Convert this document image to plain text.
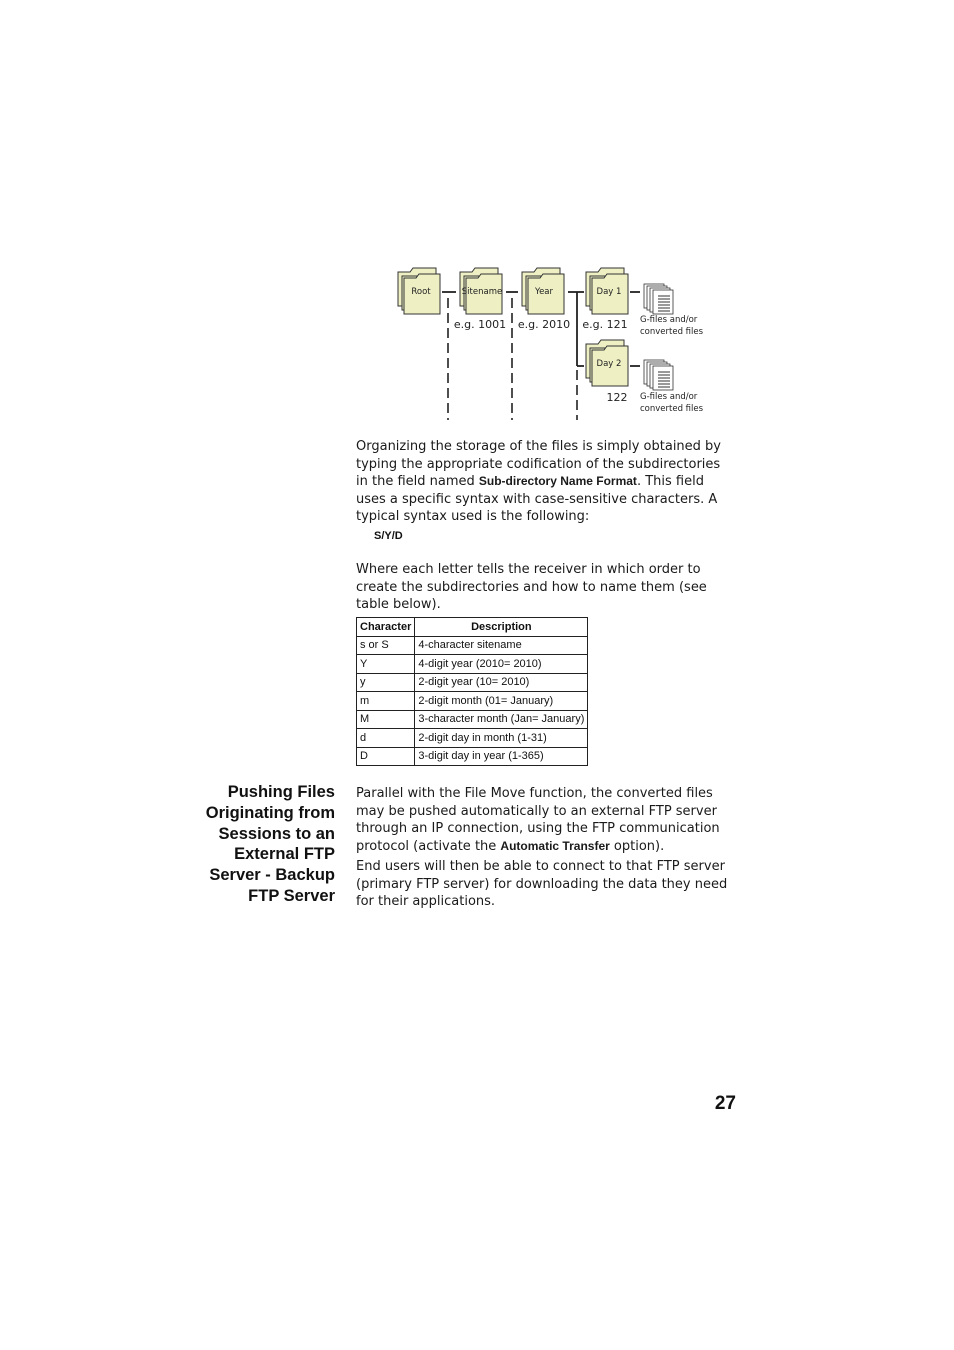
Root	Sitename	Year	Day 1
Day 2
e.g. 1001 e.g. 2010 e.g. 121
122
G-files and/or
converted files
G-files and/or
converted files
Organizing the storage of the files is simply obtained by typing the appropriate codification of the subdirectories in the field named Sub-directory Name Format. This field uses a specific syntax with case-sensitive characters. A typical syntax used is the following:
S/Y/D
Where each letter tells the receiver in which order to create the subdirectories and how to name them (see table below).
Character	Description
s or S	4-character sitename
Y	4-digit year (2010= 2010)
y	2-digit year (10= 2010)
m	2-digit month (01= January)
M	3-character month (Jan= January)
d	2-digit day in month (1-31)
D	3-digit day in year (1-365)
Pushing Files
Originating from
Sessions to an
External FTP
Server - Backup
FTP Server
Parallel with the File Move function, the converted files may be pushed automatically to an external FTP server through an IP connection, using the FTP communication protocol (activate the Automatic Transfer option).
End users will then be able to connect to that FTP server (primary FTP server) for downloading the data they need for their applications.
27
